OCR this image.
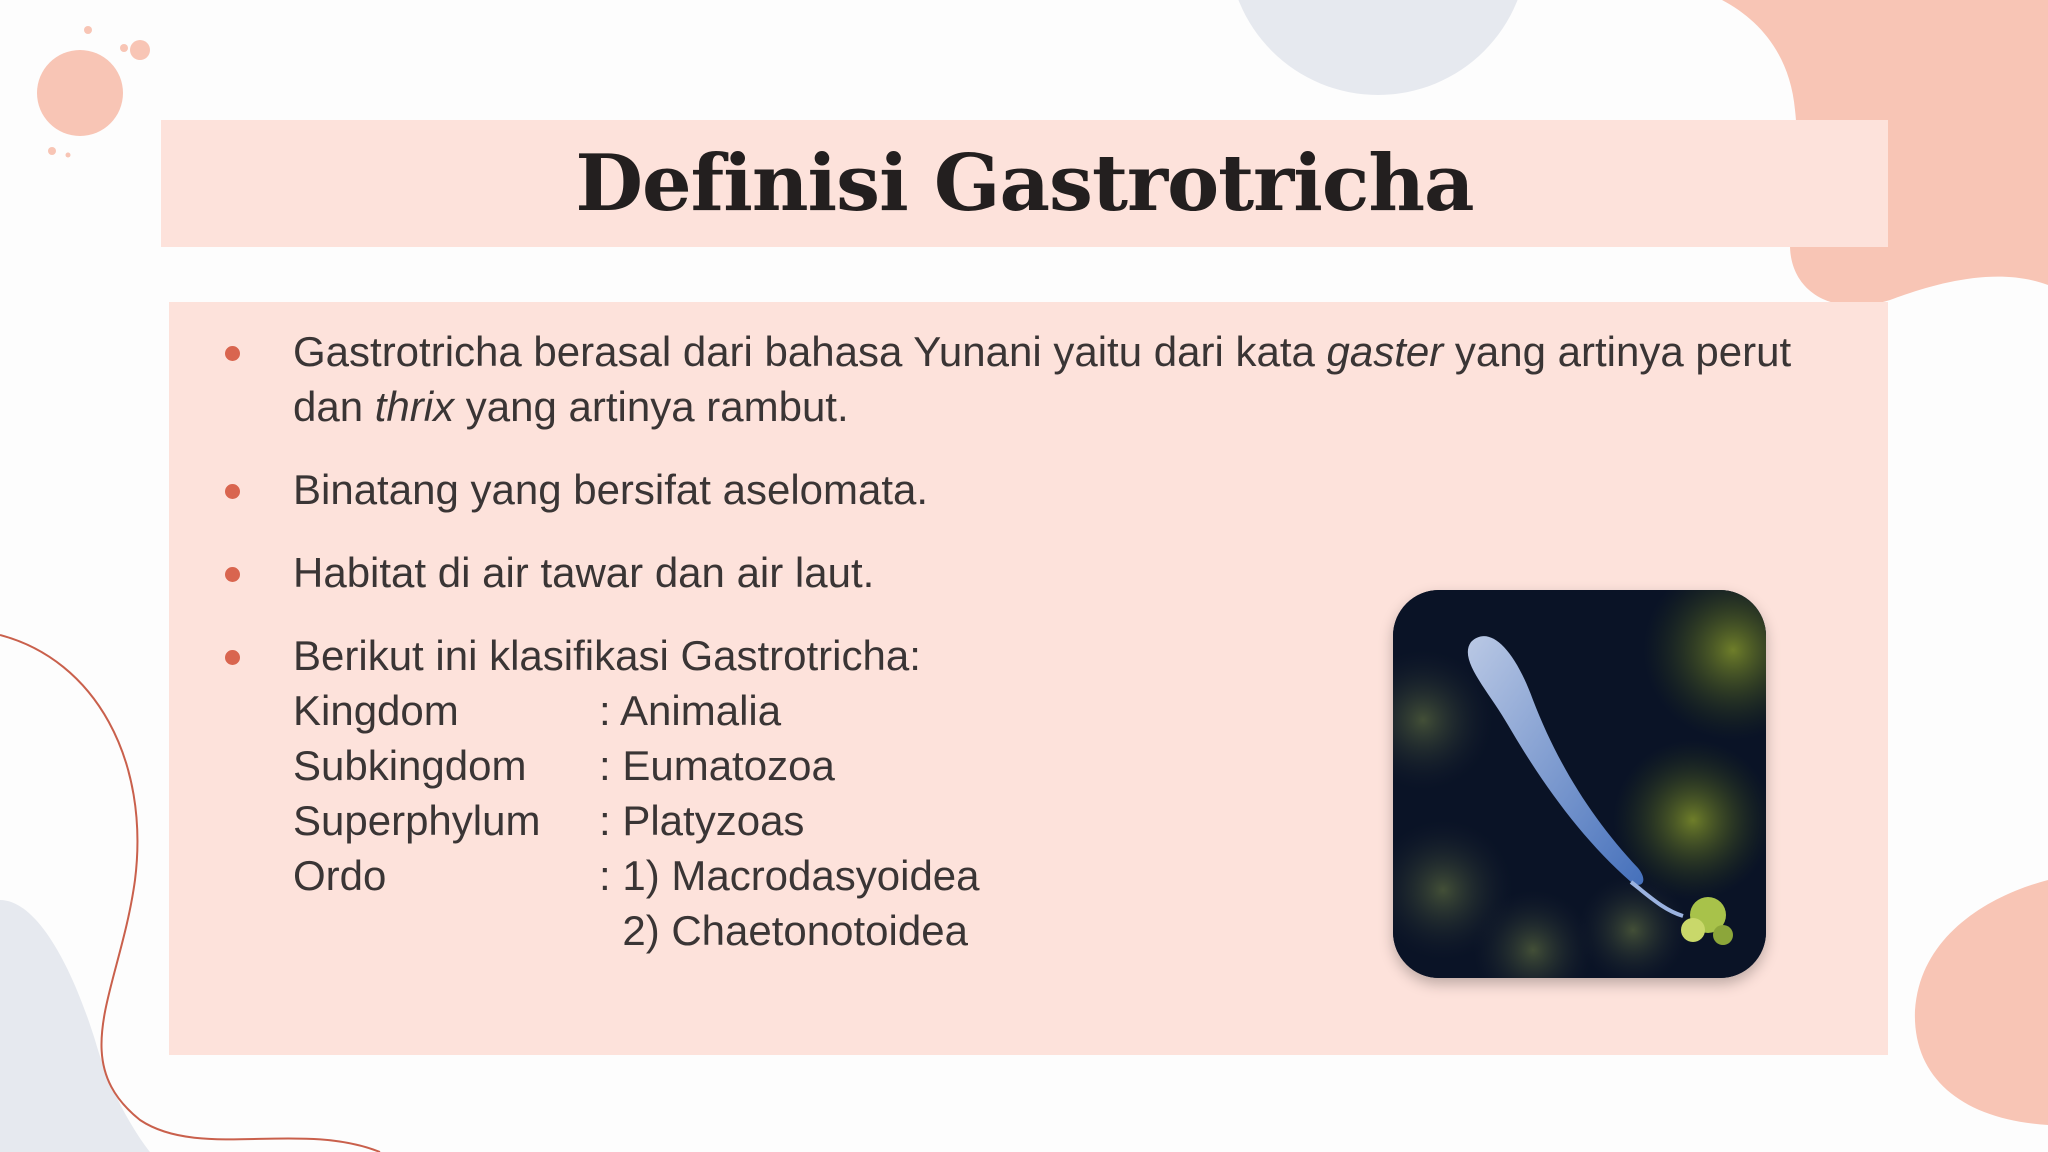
Definisi Gastrotricha
Gastrotricha berasal dari bahasa Yunani yaitu dari kata gaster yang artinya perut dan thrix yang artinya rambut.
Binatang yang bersifat aselomata.
Habitat di air tawar dan air laut.
Berikut ini klasifikasi Gastrotricha:
Kingdom	: Animalia
Subkingdom	: Eumatozoa
Superphylum	: Platyzoas
Ordo	: 1) Macrodasyoidea
2) Chaetonotoidea
